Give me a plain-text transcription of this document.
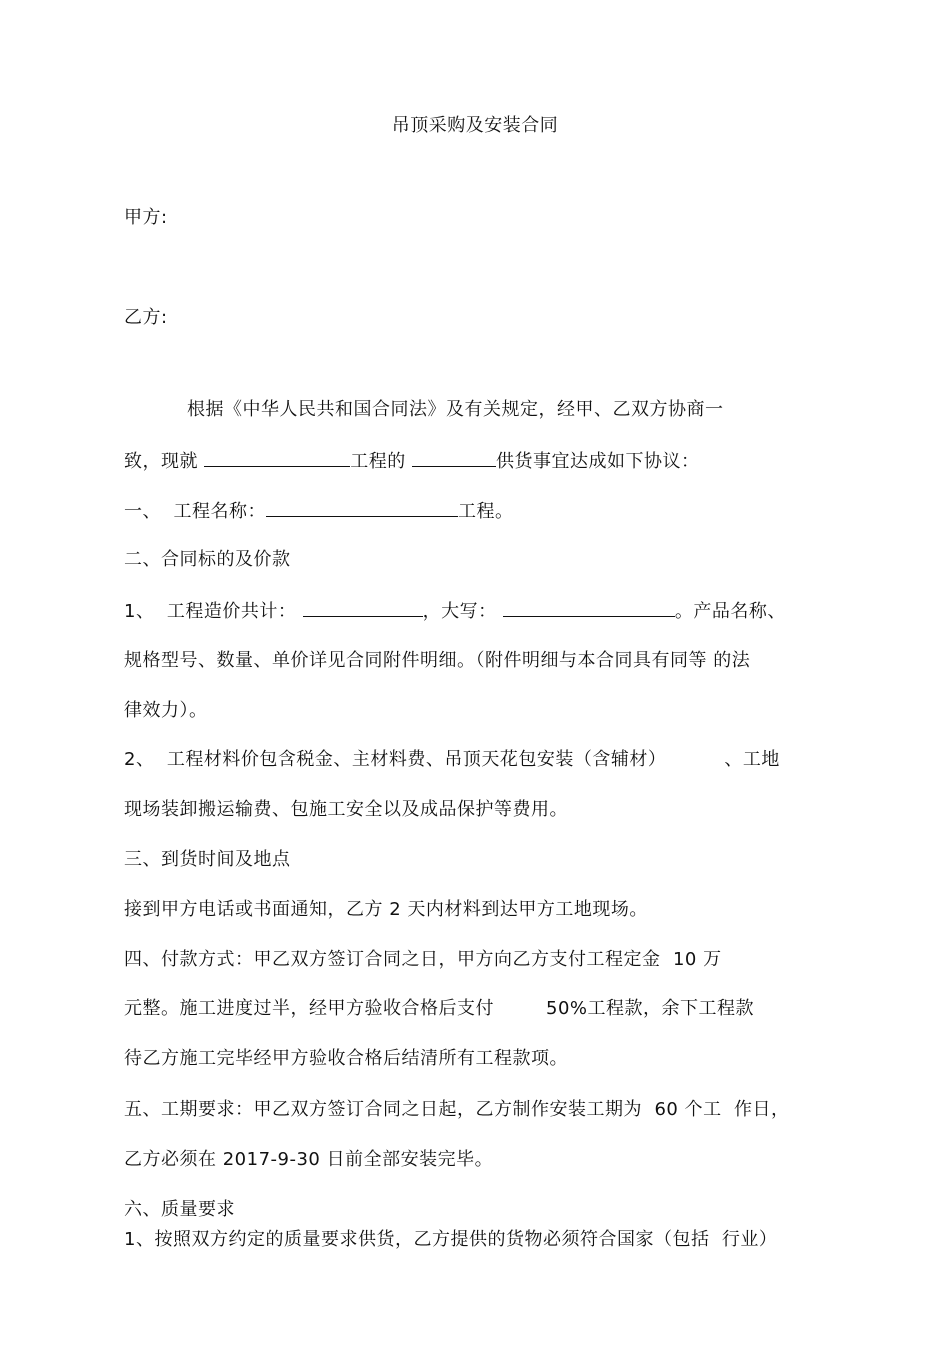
吊顶采购及安装合同
甲方:
乙方:
根据《中华人民共和国合同法》及有关规定，经甲、乙双方协商一
致，现就	工程的	供货事宜达成如下协议：
一、  工程名称：	工程。
二、合同标的及价款
1、  工程造价共计：	，大写：	。产品名称、
规格型号、数量、单价详见合同附件明细。（附件明细与本合同具有同等 的法
律效力）。
2、  工程材料价包含税金、主材料费、吊顶天花包安装（含辅材）	、工地
现场装卸搬运输费、包施工安全以及成品保护等费用。
三、到货时间及地点
接到甲方电话或书面通知，乙方 2 天内材料到达甲方工地现场。
四、付款方式：甲乙双方签订合同之日，甲方向乙方支付工程定金  10 万
元整。施工进度过半，经甲方验收合格后支付	50%工程款，余下工程款
待乙方施工完毕经甲方验收合格后结清所有工程款项。
五、工期要求：甲乙双方签订合同之日起，乙方制作安装工期为  60 个工  作日，
乙方必须在 2017-9-30 日前全部安装完毕。
六、质量要求
1、按照双方约定的质量要求供货，乙方提供的货物必须符合国家（包括  行业）
